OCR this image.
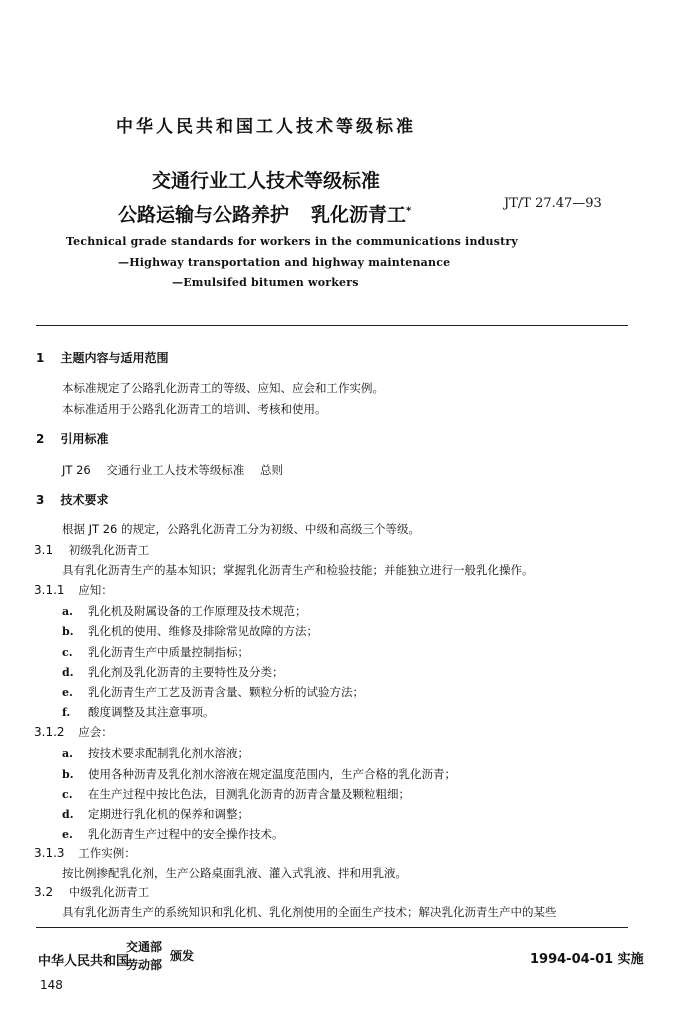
中华人民共和国工人技术等级标准
交通行业工人技术等级标准
公路运输与公路养护 乳化沥青工*
JT/T 27.47—93
Technical grade standards for workers in the communications industry
—Highway transportation and highway maintenance
—Emulsifed bitumen workers
1 主题内容与适用范围
本标准规定了公路乳化沥青工的等级、应知、应会和工作实例。
本标准适用于公路乳化沥青工的培训、考核和使用。
2 引用标准
JT 26 交通行业工人技术等级标准 总则
3 技术要求
根据 JT 26 的规定，公路乳化沥青工分为初级、中级和高级三个等级。
3.1 初级乳化沥青工
具有乳化沥青生产的基本知识；掌握乳化沥青生产和检验技能；并能独立进行一般乳化操作。
3.1.1 应知：
a. 乳化机及附属设备的工作原理及技术规范；
b. 乳化机的使用、维修及排除常见故障的方法；
c. 乳化沥青生产中质量控制指标；
d. 乳化剂及乳化沥青的主要特性及分类；
e. 乳化沥青生产工艺及沥青含量、颗粒分析的试验方法；
f. 酸度调整及其注意事项。
3.1.2 应会：
a. 按技术要求配制乳化剂水溶液；
b. 使用各种沥青及乳化剂水溶液在规定温度范围内，生产合格的乳化沥青；
c. 在生产过程中按比色法，目测乳化沥青的沥青含量及颗粒粗细；
d. 定期进行乳化机的保养和调整；
e. 乳化沥青生产过程中的安全操作技术。
3.1.3 工作实例：
按比例掺配乳化剂，生产公路桌面乳液、灌入式乳液、拌和用乳液。
3.2 中级乳化沥青工
具有乳化沥青生产的系统知识和乳化机、乳化剂使用的全面生产技术；解决乳化沥青生产中的某些
中华人民共和国
交通部
劳动部
颁发	1994-04-01 实施
148
